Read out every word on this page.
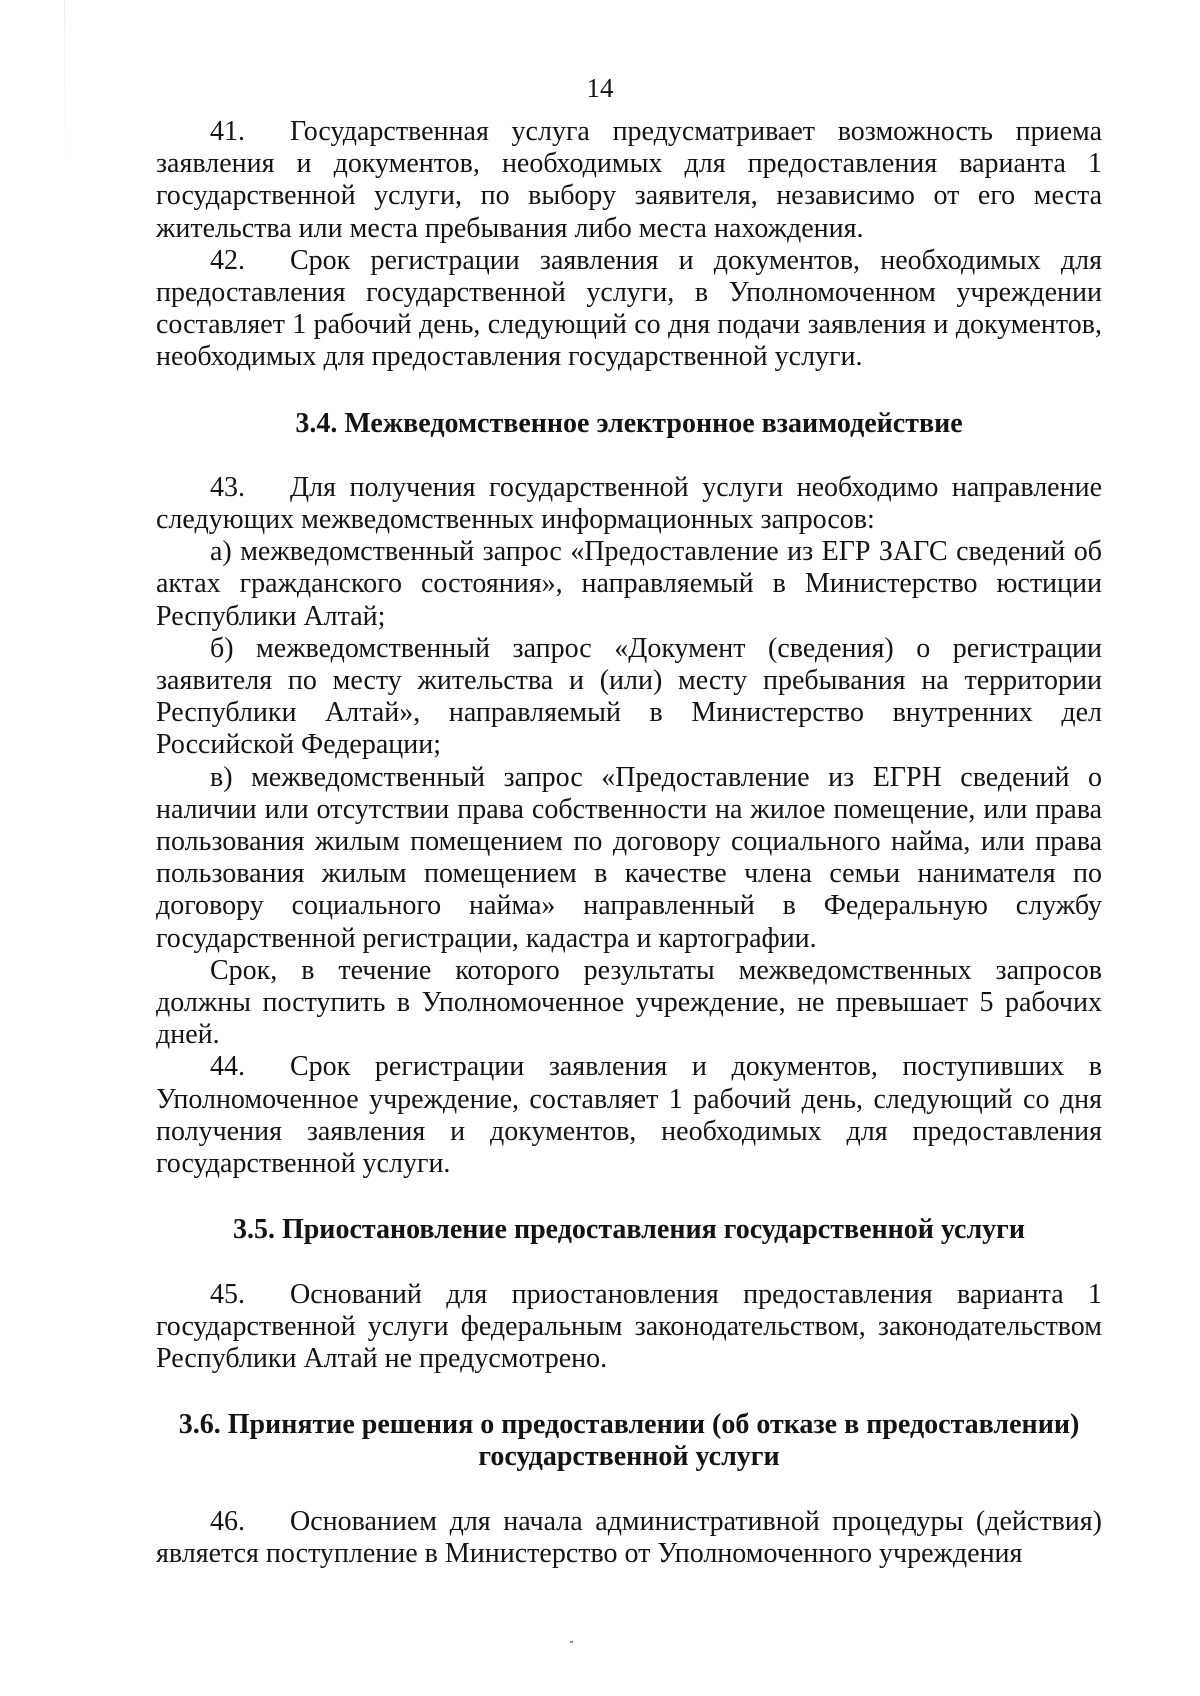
14

41. Государственная услуга предусматривает возможность приема заявления и документов, необходимых для предоставления варианта 1 государственной услуги, по выбору заявителя, независимо от его места жительства или места пребывания либо места нахождения.

42. Срок регистрации заявления и документов, необходимых для предоставления государственной услуги, в Уполномоченном учреждении составляет 1 рабочий день, следующий со дня подачи заявления и документов, необходимых для предоставления государственной услуги.

3.4. Межведомственное электронное взаимодействие

43. Для получения государственной услуги необходимо направление следующих межведомственных информационных запросов:

а) межведомственный запрос «Предоставление из ЕГР ЗАГС сведений об актах гражданского состояния», направляемый в Министерство юстиции Республики Алтай;

б) межведомственный запрос «Документ (сведения) о регистрации заявителя по месту жительства и (или) месту пребывания на территории Республики Алтай», направляемый в Министерство внутренних дел Российской Федерации;

в) межведомственный запрос «Предоставление из ЕГРН сведений о наличии или отсутствии права собственности на жилое помещение, или права пользования жилым помещением по договору социального найма, или права пользования жилым помещением в качестве члена семьи нанимателя по договору социального найма» направленный в Федеральную службу государственной регистрации, кадастра и картографии.

Срок, в течение которого результаты межведомственных запросов должны поступить в Уполномоченное учреждение, не превышает 5 рабочих дней.

44. Срок регистрации заявления и документов, поступивших в Уполномоченное учреждение, составляет 1 рабочий день, следующий со дня получения заявления и документов, необходимых для предоставления государственной услуги.

3.5. Приостановление предоставления государственной услуги

45. Оснований для приостановления предоставления варианта 1 государственной услуги федеральным законодательством, законодательством Республики Алтай не предусмотрено.

3.6. Принятие решения о предоставлении (об отказе в предоставлении)

государственной услуги

46. Основанием для начала административной процедуры (действия) является поступление в Министерство от Уполномоченного учреждения
